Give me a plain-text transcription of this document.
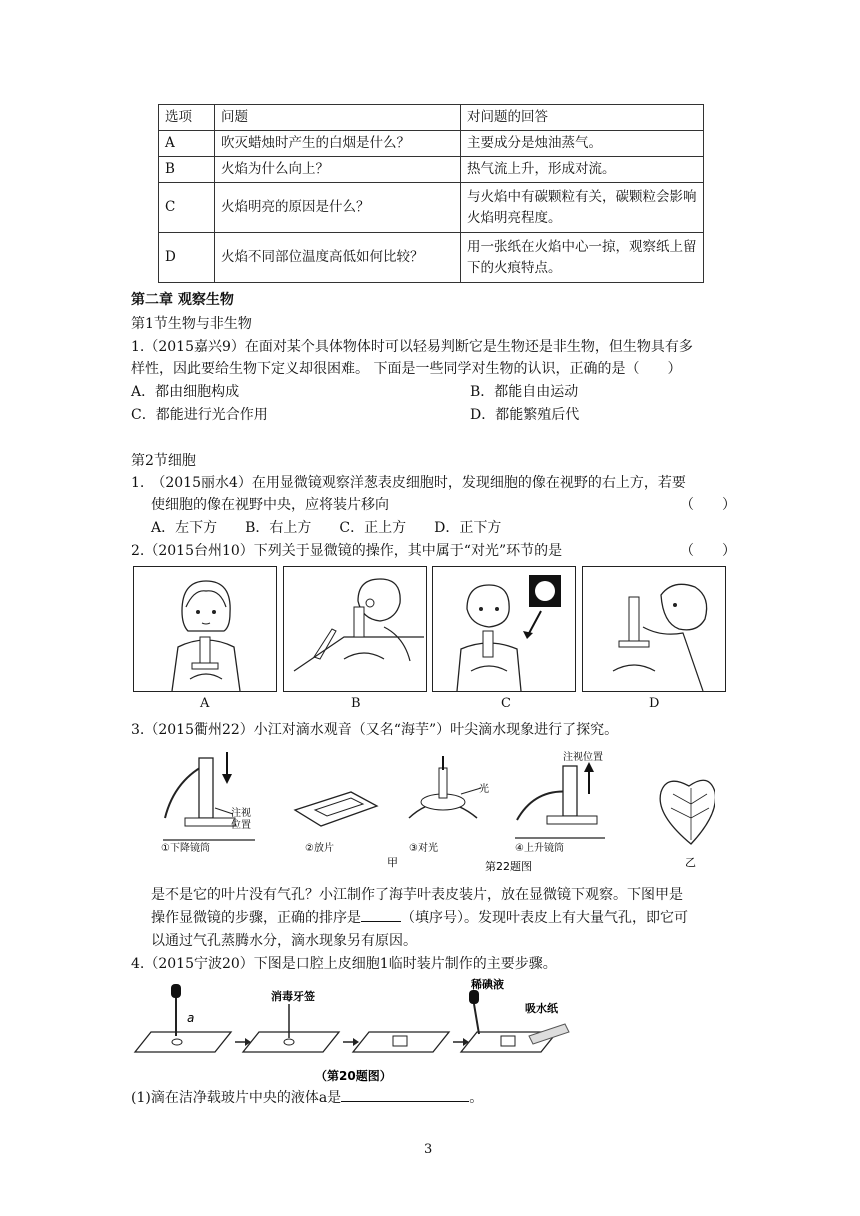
选项	问题	对问题的回答
A	吹灭蜡烛时产生的白烟是什么？	主要成分是烛油蒸气。
B	火焰为什么向上？	热气流上升，形成对流。
C	火焰明亮的原因是什么？	与火焰中有碳颗粒有关，碳颗粒会影响火焰明亮程度。
D	火焰不同部位温度高低如何比较？	用一张纸在火焰中心一掠，观察纸上留下的火痕特点。
第二章 观察生物
第1节生物与非生物
1.（2015嘉兴9）在面对某个具体物体时可以轻易判断它是生物还是非生物，但生物具有多
样性，因此要给生物下定义却很困难。 下面是一些同学对生物的认识，正确的是（　　）
A．都由细胞构成	B．都能自由运动
C．都能进行光合作用	D．都能繁殖后代
第2节细胞
1.　（2015丽水4）在用显微镜观察洋葱表皮细胞时，发现细胞的像在视野的右上方，若要
使细胞的像在视野中央，应将装片移向	（　　）
A．左下方　　B．右上方　　C．正上方　　D．正下方
2.（2015台州10）下列关于显微镜的操作，其中属于“对光”环节的是	（　　）
A	B	C	D
3.（2015衢州22）小江对滴水观音（又名“海芋”）叶尖滴水现象进行了探究。
注视
位置
①下降镜筒	②放片
光
③对光
注视位置
④上升镜筒
甲	第22题图	乙
是不是它的叶片没有气孔？小江制作了海芋叶表皮装片，放在显微镜下观察。下图甲是
操作显微镜的步骤，正确的排序是	（填序号）。发现叶表皮上有大量气孔，即它可
以通过气孔蒸腾水分，滴水现象另有原因。
4.（2015宁波20）下图是口腔上皮细胞1临时装片制作的主要步骤。
a
消毒牙签
稀碘液
吸水纸
（第20题图）
(1)滴在洁净载玻片中央的液体a是	。
3
